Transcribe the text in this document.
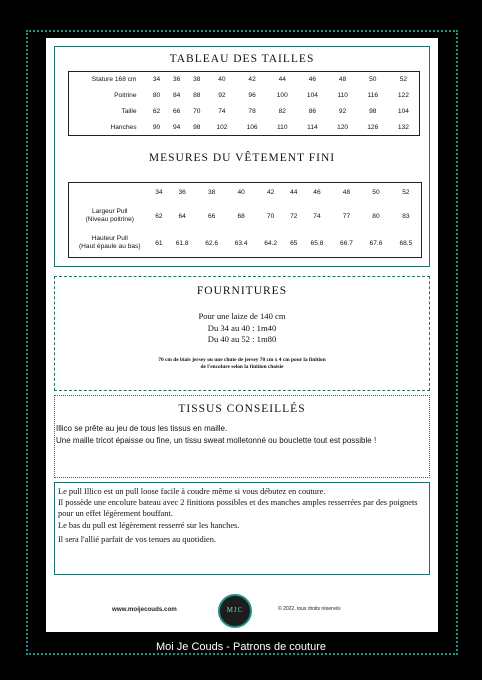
TABLEAU DES TAILLES
Stature 168 cm	34	36	38	40	42	44	46	48	50	52
Poitrine	80	84	88	92	96	100	104	110	116	122
Taille	62	66	70	74	78	82	86	92	98	104
Hanches	90	94	98	102	106	110	114	120	126	132
MESURES DU VÊTEMENT FINI
	34	36	38	40	42	44	46	48	50	52

Largeur Pull
(Niveau poitrine)	62	64	66	68	70	72	74	77	80	83

Hauteur Pull
(Haut épaule au bas)	61	61.8	62.6	63.4	64.2	65	65.8	66.7	67.6	68.5
FOURNITURES
Pour une laize de 140 cm
Du 34 au 40 : 1m40
Du 40 au 52 : 1m80
70 cm de biais jersey ou une chute de jersey 70 cm x 4 cm pour la finition
de l'encolure selon la finition choisie
TISSUS CONSEILLÉS
Illico se prête au jeu de tous les tissus en maille.
Une maille tricot épaisse ou fine, un tissu sweat molletonné ou bouclette tout est possible !

Le pull Illico est un pull loose facile à coudre même si vous débutez en couture.

Il possède une encolure bateau avec 2 finitions possibles et des manches amples resserrées par des poignets pour un effet légèrement bouffant.

Le bas du pull est légèrement resserré sur les hanches.

Il sera l'allié parfait de vos tenues au quotidien.

www.moijecouds.com	MJC	© 2022, tous droits réservés
Moi Je Couds - Patrons de couture
